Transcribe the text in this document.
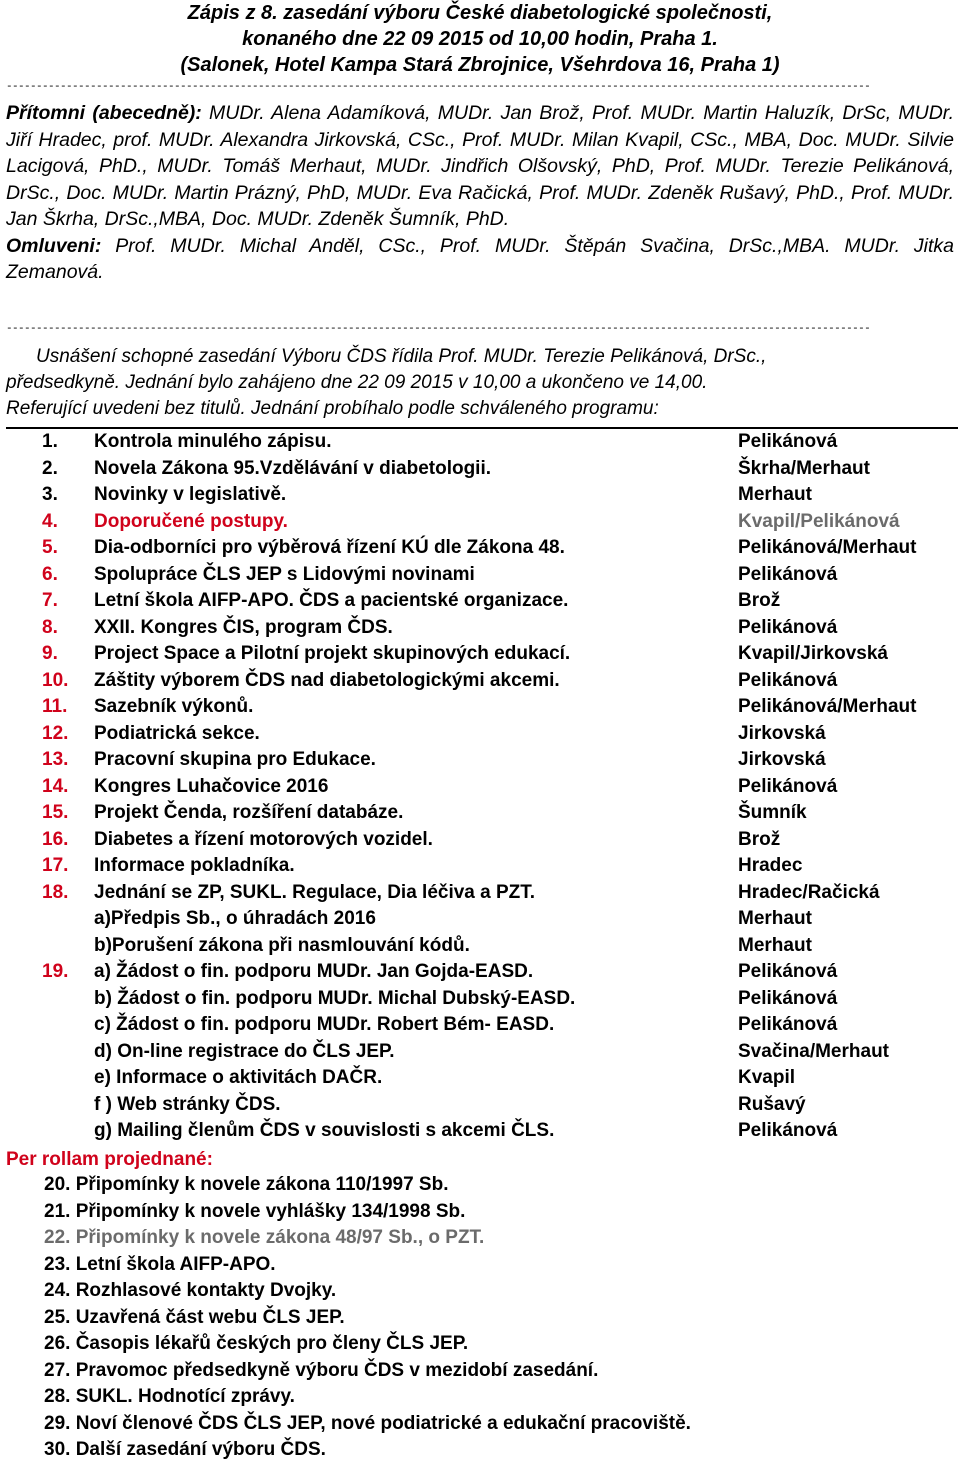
Zápis z 8. zasedání výboru České diabetologické společnosti,
konaného dne 22 09 2015 od 10,00 hodin, Praha 1.
(Salonek, Hotel Kampa Stará Zbrojnice, Všehrdova 16, Praha 1)
------------------------------------------------------------------------------------------------------------------------------------------------
Přítomni (abecedně): MUDr. Alena Adamíková, MUDr. Jan Brož, Prof. MUDr. Martin Haluzík, DrSc, MUDr. Jiří Hradec, prof. MUDr. Alexandra Jirkovská, CSc., Prof. MUDr. Milan Kvapil, CSc., MBA, Doc. MUDr. Silvie Lacigová, PhD., MUDr. Tomáš Merhaut, MUDr. Jindřich Olšovský, PhD, Prof. MUDr. Terezie Pelikánová, DrSc., Doc. MUDr. Martin Prázný, PhD, MUDr. Eva Račická, Prof. MUDr. Zdeněk Rušavý, PhD., Prof. MUDr. Jan Škrha, DrSc.,MBA, Doc. MUDr. Zdeněk Šumník, PhD.
Omluveni: Prof. MUDr. Michal Anděl, CSc., Prof. MUDr. Štěpán Svačina, DrSc.,MBA. MUDr. Jitka Zemanová.
------------------------------------------------------------------------------------------------------------------------------------------------
Usnášení schopné zasedání Výboru ČDS řídila Prof. MUDr. Terezie Pelikánová, DrSc.,
předsedkyně. Jednání bylo zahájeno dne 22 09 2015 v 10,00 a ukončeno ve 14,00.
Referující uvedeni bez titulů. Jednání probíhalo podle schváleného programu:
1. Kontrola minulého zápisu.	Pelikánová
2. Novela Zákona 95.Vzdělávání v diabetologii.	Škrha/Merhaut
3. Novinky v legislativě.	Merhaut
4. Doporučené postupy.	Kvapil/Pelikánová
5. Dia-odborníci pro výběrová řízení KÚ dle Zákona 48.	Pelikánová/Merhaut
6. Spolupráce ČLS JEP s Lidovými novinami	Pelikánová
7. Letní škola AIFP-APO. ČDS a pacientské organizace.	Brož
8. XXII. Kongres ČIS, program ČDS.	Pelikánová
9. Project Space a Pilotní projekt skupinových edukací.	Kvapil/Jirkovská
10. Záštity výborem ČDS nad diabetologickými akcemi.	Pelikánová
11. Sazebník výkonů.	Pelikánová/Merhaut
12. Podiatrická sekce.	Jirkovská
13. Pracovní skupina pro Edukace.	Jirkovská
14. Kongres Luhačovice 2016	Pelikánová
15. Projekt Čenda, rozšíření databáze.	Šumník
16. Diabetes a řízení motorových vozidel.	Brož
17. Informace pokladníka.	Hradec
18. Jednání se ZP, SUKL. Regulace, Dia léčiva a PZT.	Hradec/Račická
a)Předpis Sb., o úhradách 2016	Merhaut
b)Porušení zákona při nasmlouvání kódů.	Merhaut
19. a) Žádost o fin. podporu MUDr. Jan Gojda-EASD.	Pelikánová
b) Žádost o fin. podporu MUDr. Michal Dubský-EASD.	Pelikánová
c) Žádost o fin. podporu MUDr. Robert Bém- EASD.	Pelikánová
d) On-line registrace do ČLS JEP.	Svačina/Merhaut
e) Informace o aktivitách DAČR.	Kvapil
f ) Web stránky ČDS.	Rušavý
g) Mailing členům ČDS v souvislosti s akcemi ČLS.	Pelikánová
Per rollam projednané:
20. Připomínky k novele zákona 110/1997 Sb.
21. Připomínky k novele vyhlášky 134/1998 Sb.
22. Připomínky k novele zákona 48/97 Sb., o PZT.
23. Letní škola AIFP-APO.
24. Rozhlasové kontakty Dvojky.
25. Uzavřená část webu ČLS JEP.
26. Časopis lékařů českých pro členy ČLS JEP.
27. Pravomoc předsedkyně výboru ČDS v mezidobí zasedání.
28. SUKL. Hodnotící zprávy.
29. Noví členové ČDS ČLS JEP, nové podiatrické a edukační pracoviště.
30. Další zasedání výboru ČDS.
